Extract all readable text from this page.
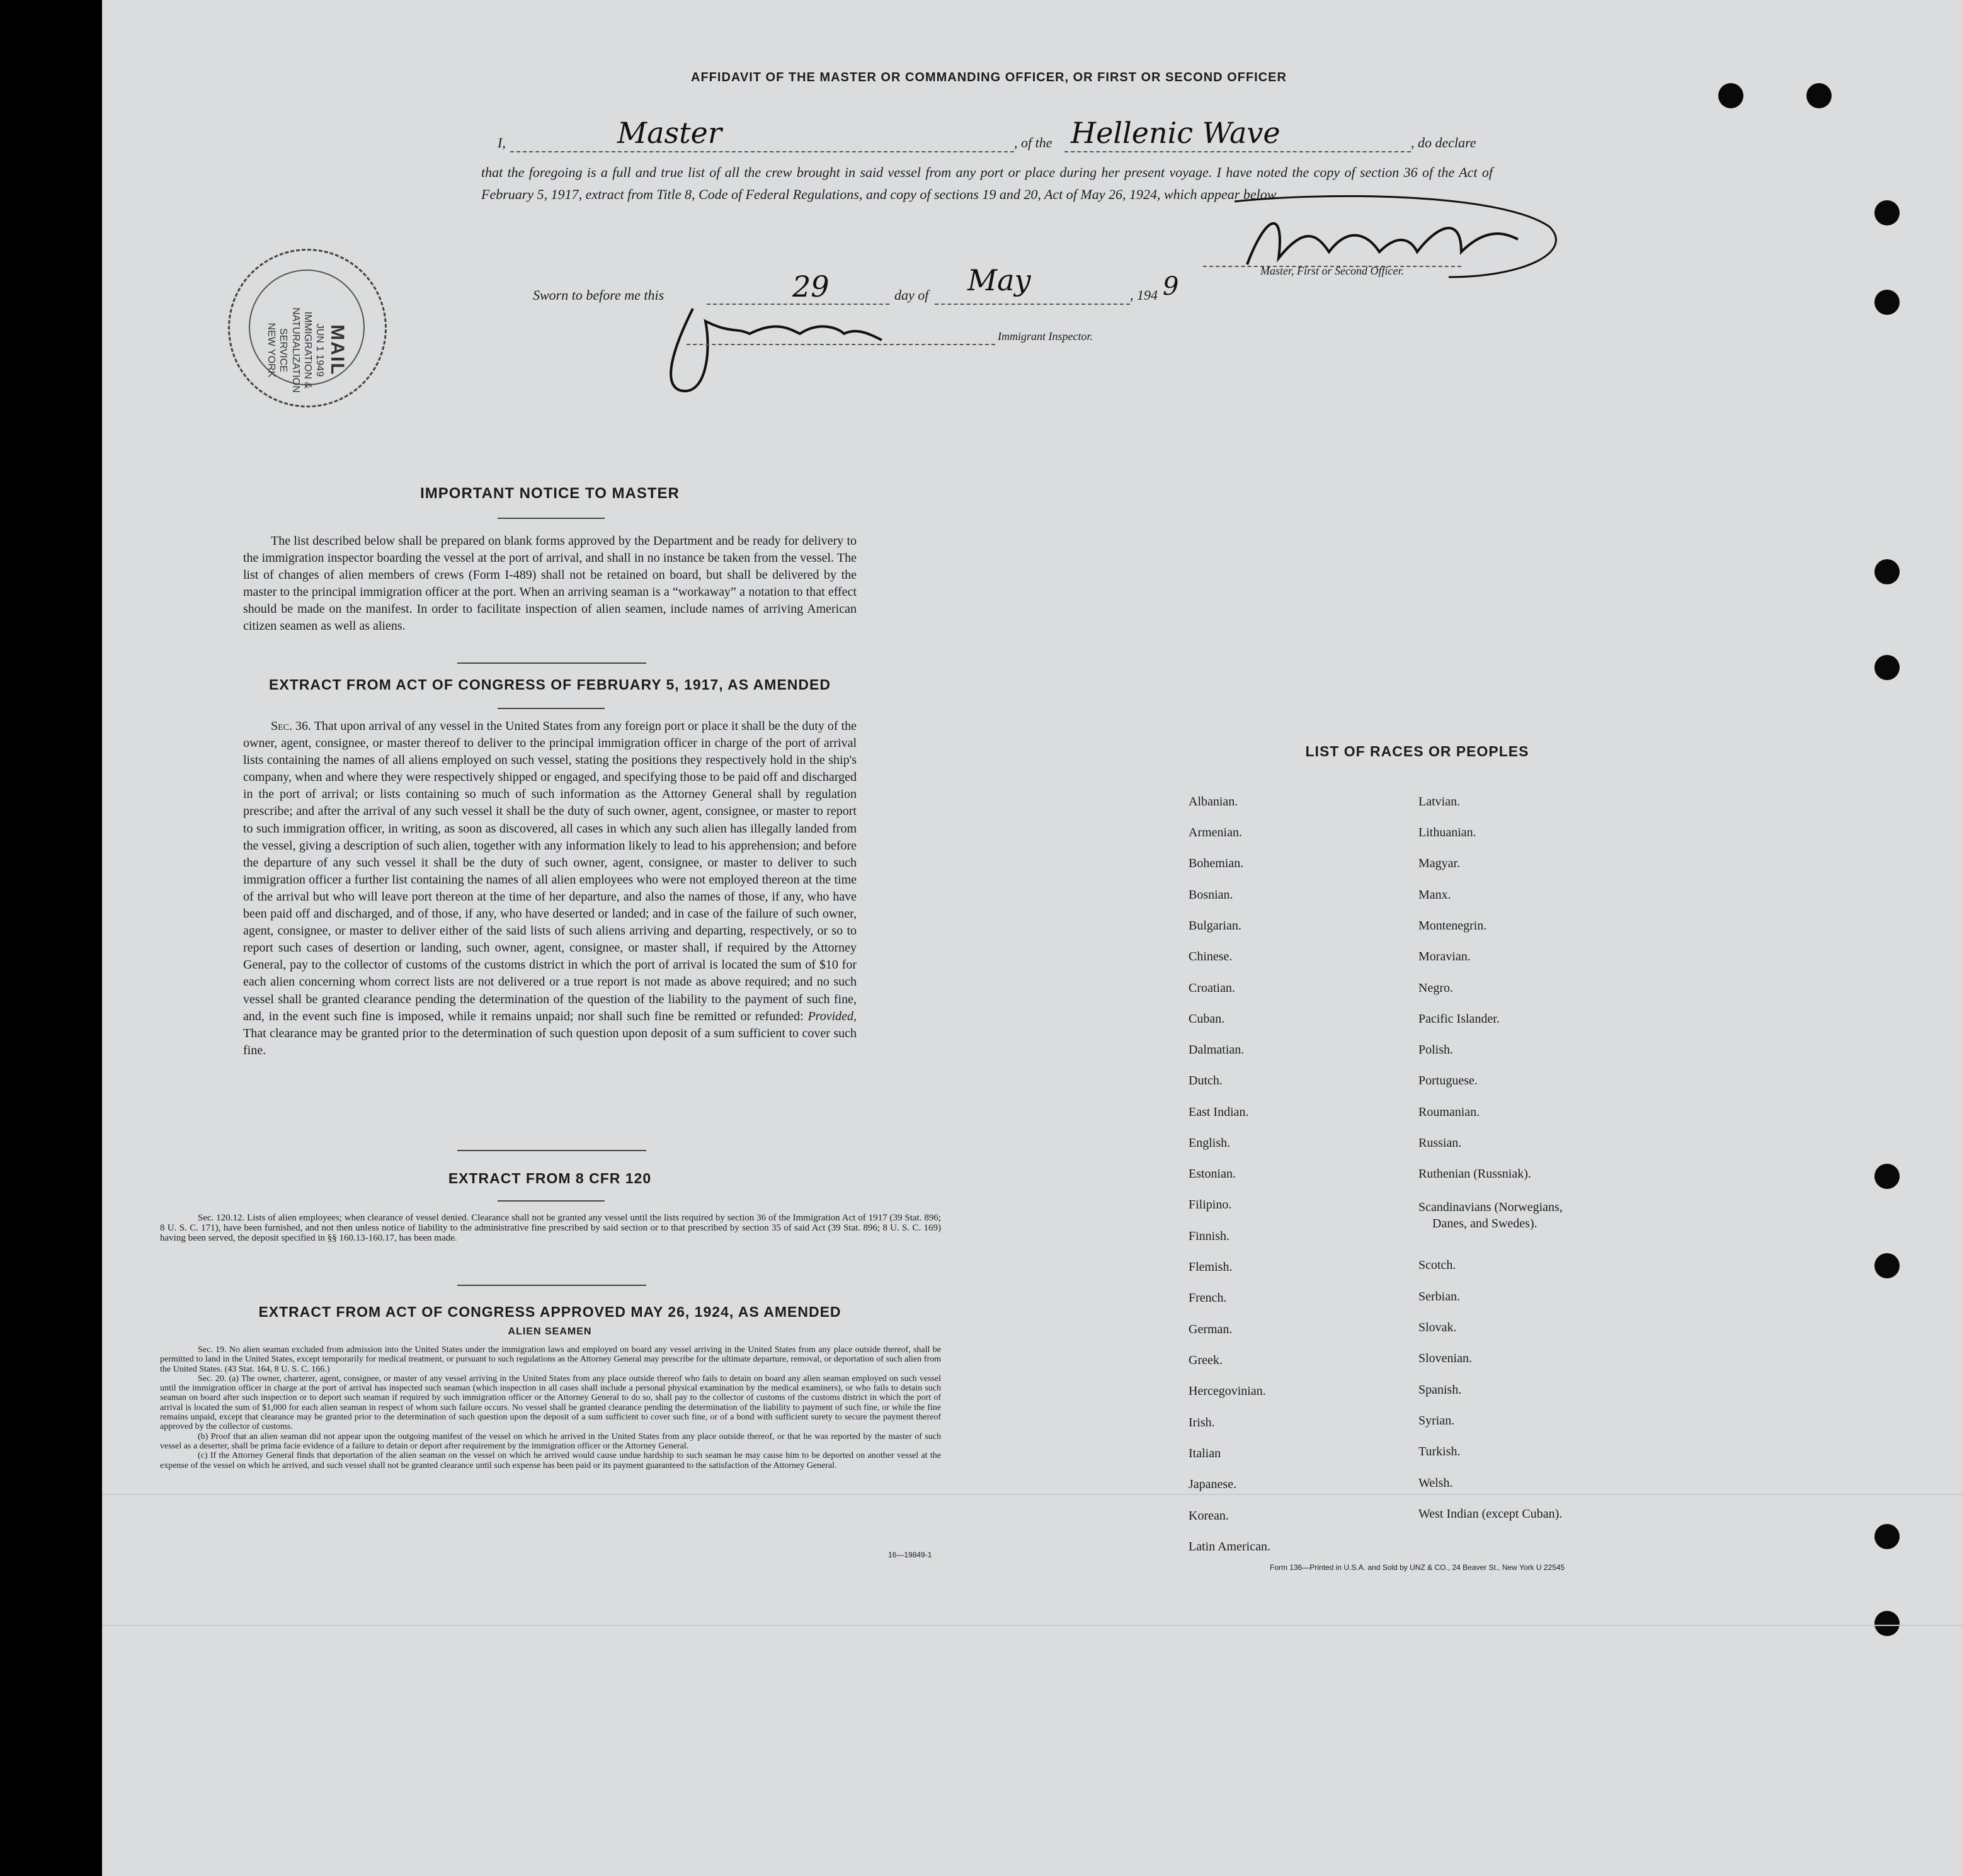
AFFIDAVIT OF THE MASTER OR COMMANDING OFFICER, OR FIRST OR SECOND OFFICER
I,	Master	, of the Hellenic Wave	, do declare
that the foregoing is a full and true list of all the crew brought in said vessel from any port or place during her present voyage. I have noted the copy of section 36 of the Act of February 5, 1917, extract from Title 8, Code of Federal Regulations, and copy of sections 19 and 20, Act of May 26, 1924, which appear below.
Master, First or Second Officer.
Sworn to before me this	29	day of May	, 194 9
Immigrant Inspector.
MAIL
JUN 1 1949
IMMIGRATION &
NATURALIZATION
SERVICE
NEW YORK
IMPORTANT NOTICE TO MASTER

The list described below shall be prepared on blank forms approved by the Department and be ready for delivery to the immigration inspector boarding the vessel at the port of arrival, and shall in no instance be taken from the vessel. The list of changes of alien members of crews (Form I-489) shall not be retained on board, but shall be delivered by the master to the principal immigration officer at the port. When an arriving seaman is a “workaway” a notation to that effect should be made on the manifest. In order to facilitate inspection of alien seamen, include names of arriving American citizen seamen as well as aliens.

EXTRACT FROM ACT OF CONGRESS OF FEBRUARY 5, 1917, AS AMENDED
Sec. 36. That upon arrival of any vessel in the United States from any foreign port or place it shall be the duty of the owner, agent, consignee, or master thereof to deliver to the principal immigration officer in charge of the port of arrival lists containing the names of all aliens employed on such vessel, stating the positions they respectively hold in the ship's company, when and where they were respectively shipped or engaged, and specifying those to be paid off and discharged in the port of arrival; or lists containing so much of such information as the Attorney General shall by regulation prescribe; and after the arrival of any such vessel it shall be the duty of such owner, agent, consignee, or master to report to such immigration officer, in writing, as soon as discovered, all cases in which any such alien has illegally landed from the vessel, giving a description of such alien, together with any information likely to lead to his apprehension; and before the departure of any such vessel it shall be the duty of such owner, agent, consignee, or master to deliver to such immigration officer a further list containing the names of all alien employees who were not employed thereon at the time of the arrival but who will leave port thereon at the time of her departure, and also the names of those, if any, who have been paid off and discharged, and of those, if any, who have deserted or landed; and in case of the failure of such owner, agent, consignee, or master to deliver either of the said lists of such aliens arriving and departing, respectively, or so to report such cases of desertion or landing, such owner, agent, consignee, or master shall, if required by the Attorney General, pay to the collector of customs of the customs district in which the port of arrival is located the sum of $10 for each alien concerning whom correct lists are not delivered or a true report is not made as above required; and no such vessel shall be granted clearance pending the determination of the question of the liability to the payment of such fine, and, in the event such fine is imposed, while it remains unpaid; nor shall such fine be remitted or refunded: Provided, That clearance may be granted prior to the determination of such question upon deposit of a sum sufficient to cover such fine.
EXTRACT FROM 8 CFR 120
Sec. 120.12. Lists of alien employees; when clearance of vessel denied. Clearance shall not be granted any vessel until the lists required by section 36 of the Immigration Act of 1917 (39 Stat. 896; 8 U. S. C. 171), have been furnished, and not then unless notice of liability to the administrative fine prescribed by said section or to that prescribed by section 35 of said Act (39 Stat. 896; 8 U. S. C. 169) having been served, the deposit specified in §§ 160.13-160.17, has been made.
EXTRACT FROM ACT OF CONGRESS APPROVED MAY 26, 1924, AS AMENDED
ALIEN SEAMEN
Sec. 19. No alien seaman excluded from admission into the United States under the immigration laws and employed on board any vessel arriving in the United States from any place outside thereof, shall be permitted to land in the United States, except temporarily for medical treatment, or pursuant to such regulations as the Attorney General may prescribe for the ultimate departure, removal, or deportation of such alien from the United States. (43 Stat. 164, 8 U. S. C. 166.)
Sec. 20. (a) The owner, charterer, agent, consignee, or master of any vessel arriving in the United States from any place outside thereof who fails to detain on board any alien seaman employed on such vessel until the immigration officer in charge at the port of arrival has inspected such seaman (which inspection in all cases shall include a personal physical examination by the medical examiners), or who fails to detain such seaman on board after such inspection or to deport such seaman if required by such immigration officer or the Attorney General to do so, shall pay to the collector of customs of the customs district in which the port of arrival is located the sum of $1,000 for each alien seaman in respect of whom such failure occurs. No vessel shall be granted clearance pending the determination of the liability to payment of such fine, or while the fine remains unpaid, except that clearance may be granted prior to the determination of such question upon the deposit of a sum sufficient to cover such fine, or of a bond with sufficient surety to secure the payment thereof approved by the collector of customs.
(b) Proof that an alien seaman did not appear upon the outgoing manifest of the vessel on which he arrived in the United States from any place outside thereof, or that he was reported by the master of such vessel as a deserter, shall be prima facie evidence of a failure to detain or deport after requirement by the immigration officer or the Attorney General.
(c) If the Attorney General finds that deportation of the alien seaman on the vessel on which he arrived would cause undue hardship to such seaman he may cause him to be deported on another vessel at the expense of the vessel on which he arrived, and such vessel shall not be granted clearance until such expense has been paid or its payment guaranteed to the satisfaction of the Attorney General.
16—19849-1
LIST OF RACES OR PEOPLES
Albanian.
Armenian.
Bohemian.
Bosnian.
Bulgarian.
Chinese.
Croatian.
Cuban.
Dalmatian.
Dutch.
East Indian.
English.
Estonian.
Filipino.
Finnish.
Flemish.
French.
German.
Greek.
Hercegovinian.
Irish.
Italian
Japanese.
Korean.
Latin American.
Latvian.
Lithuanian.
Magyar.
Manx.
Montenegrin.
Moravian.
Negro.
Pacific Islander.
Polish.
Portuguese.
Roumanian.
Russian.
Ruthenian (Russniak).
Scandinavians (Norwegians,
Danes, and Swedes).
Scotch.
Serbian.
Slovak.
Slovenian.
Spanish.
Syrian.
Turkish.
Welsh.
West Indian (except Cuban).
Form 136—Printed in U.S.A. and Sold by UNZ & CO., 24 Beaver St., New York U 22545
